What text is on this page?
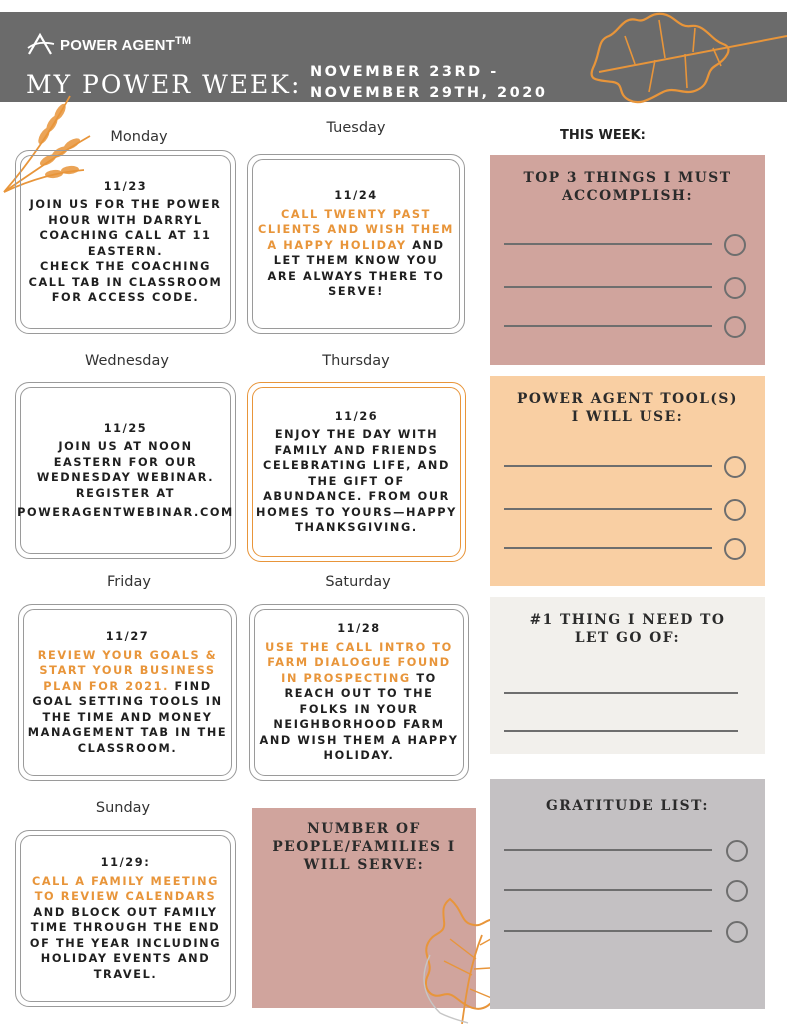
POWER AGENT™
MY POWER WEEK: NOVEMBER 23RD -
NOVEMBER 29TH, 2020
THIS WEEK:
Monday
Tuesday
Wednesday	Thursday
Friday	Saturday
Sunday

11/23

JOIN US FOR THE POWER HOUR WITH DARRYL COACHING CALL AT 11 EASTERN.

CHECK THE COACHING CALL TAB IN CLASSROOM FOR ACCESS CODE.

11/24

CALL TWENTY PAST CLIENTS AND WISH THEM A HAPPY HOLIDAY AND LET THEM KNOW YOU ARE ALWAYS THERE TO SERVE!

11/25

JOIN US AT NOON EASTERN FOR OUR

WEDNESDAY WEBINAR.

REGISTER AT

POWERAGENTWEBINAR.COM

11/26

ENJOY THE DAY WITH FAMILY AND FRIENDS CELEBRATING LIFE, AND THE GIFT OF ABUNDANCE. FROM OUR HOMES TO YOURS—HAPPY THANKSGIVING.

11/27

REVIEW YOUR GOALS & START YOUR BUSINESS PLAN FOR 2021. FIND GOAL SETTING TOOLS IN THE TIME AND MONEY MANAGEMENT TAB IN THE CLASSROOM.

11/28

USE THE CALL INTRO TO FARM DIALOGUE FOUND IN PROSPECTING TO REACH OUT TO THE FOLKS IN YOUR NEIGHBORHOOD FARM AND WISH THEM A HAPPY HOLIDAY.

11/29:

CALL A FAMILY MEETING TO REVIEW CALENDARS AND BLOCK OUT FAMILY TIME THROUGH THE END OF THE YEAR INCLUDING HOLIDAY EVENTS AND TRAVEL.

NUMBER OF PEOPLE/FAMILIES I WILL SERVE:
TOP 3 THINGS I MUST ACCOMPLISH:
POWER AGENT TOOL(S) I WILL USE:
#1 THING I NEED TO LET GO OF:
GRATITUDE LIST:
